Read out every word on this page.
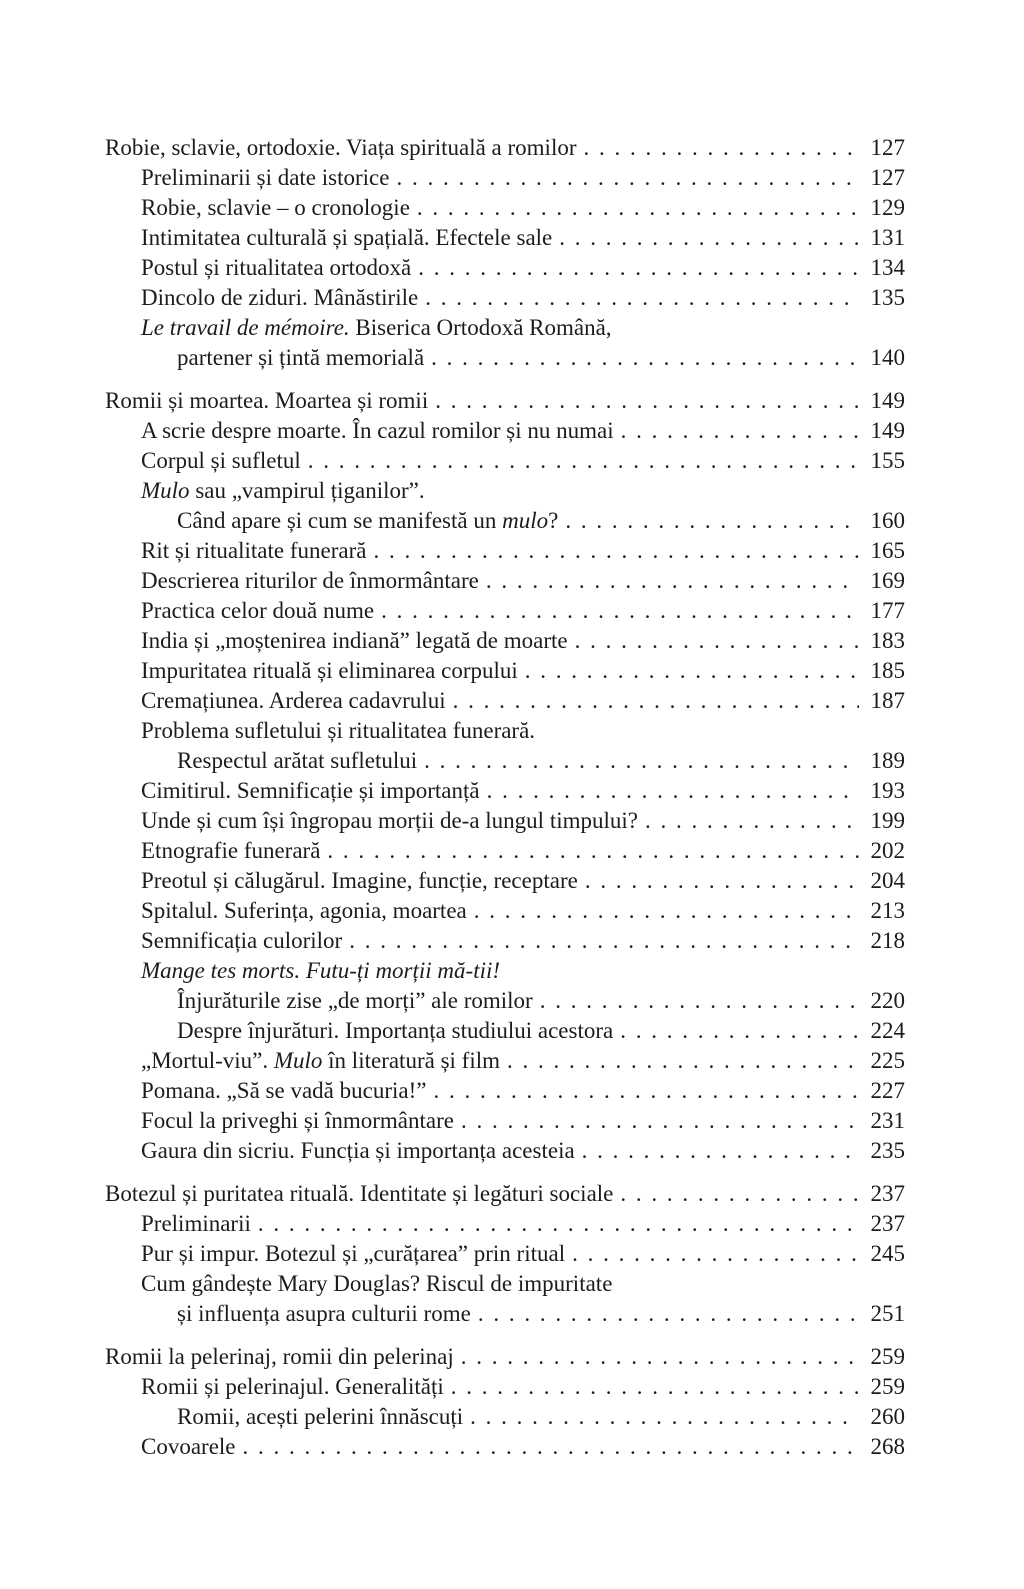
Robie, sclavie, ortodoxie. Viața spirituală a romilor . . .	127
Preliminarii și date istorice . . .	127
Robie, sclavie – o cronologie . . .	129
Intimitatea culturală și spațială. Efectele sale . . .	131
Postul și ritualitatea ortodoxă . . .	134
Dincolo de ziduri. Mânăstirile . . .	135
Le travail de mémoire. Biserica Ortodoxă Română,
partener și țintă memorială . . .	140
Romii și moartea. Moartea și romii . . .	149
A scrie despre moarte. În cazul romilor și nu numai . . .	149
Corpul și sufletul . . .	155
Mulo sau „vampirul țiganilor”.
Când apare și cum se manifestă un mulo? . . .	160
Rit și ritualitate funerară . . .	165
Descrierea riturilor de înmormântare . . .	169
Practica celor două nume . . .	177
India și „moștenirea indiană” legată de moarte . . .	183
Impuritatea rituală și eliminarea corpului . . .	185
Cremațiunea. Arderea cadavrului . . .	187
Problema sufletului și ritualitatea funerară.
Respectul arătat sufletului . . .	189
Cimitirul. Semnificație și importanță . . .	193
Unde și cum își îngropau morții de-a lungul timpului? . . .	199
Etnografie funerară . . .	202
Preotul și călugărul. Imagine, funcție, receptare . . .	204
Spitalul. Suferința, agonia, moartea . . .	213
Semnificația culorilor . . .	218
Mange tes morts. Futu-ți morții mă-tii!
Înjurăturile zise „de morți” ale romilor . . .	220
Despre înjurături. Importanța studiului acestora . . .	224
„Mortul-viu”. Mulo în literatură și film . . .	225
Pomana. „Să se vadă bucuria!” . . .	227
Focul la priveghi și înmormântare . . .	231
Gaura din sicriu. Funcția și importanța acesteia . . .	235
Botezul și puritatea rituală. Identitate și legături sociale . . .	237
Preliminarii . . .	237
Pur și impur. Botezul și „curățarea” prin ritual . . .	245
Cum gândește Mary Douglas? Riscul de impuritate
și influența asupra culturii rome . . .	251
Romii la pelerinaj, romii din pelerinaj . . .	259
Romii și pelerinajul. Generalități . . .	259
Romii, acești pelerini înnăscuți . . .	260
Covoarele . . .	268
